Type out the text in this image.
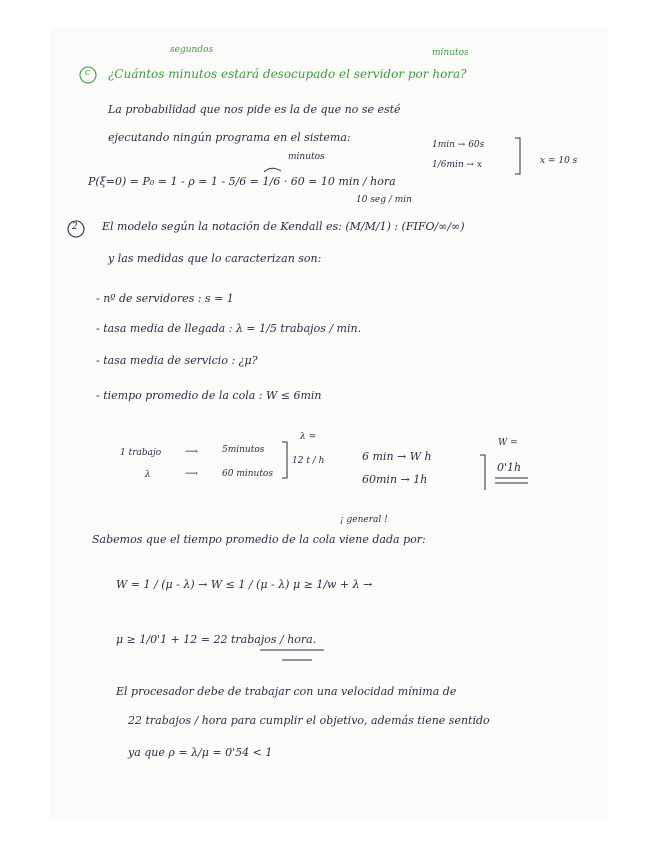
segundos	minutos
c ¿Cuántos minutos estará desocupado el servidor por hora?
La probabilidad que nos pide es la de que no se esté
ejecutando ningún programa en el sistema:
minutos
P(ξ=0) = P₀ = 1 - ρ = 1 - 5/6 = 1/6 · 60 = 10 min / hora
1min → 60s
1/6min → x	x = 10 s
10 seg / min
2 El modelo según la notación de Kendall es: (M/M/1) : (FIFO/∞/∞)
y las medidas que lo caracterizan son:
- nº de servidores : s = 1
- tasa media de llegada : λ = 1/5 trabajos / min.
- tasa media de servicio : ¿μ?
- tiempo promedio de la cola : W ≤ 6min
1 trabajo	⟶	5minutos
λ	⟶	60 minutos
λ =
12 t / h	6 min → W h
60min → 1h
W =
0'1h
¡ general !
Sabemos que el tiempo promedio de la cola viene dada por:
W = 1 / (μ - λ) → W ≤ 1 / (μ - λ) μ ≥ 1/w + λ →
μ ≥ 1/0'1 + 12 = 22 trabajos / hora.
El procesador debe de trabajar con una velocidad mínima de
22 trabajos / hora para cumplir el objetivo, además tiene sentido
ya que ρ = λ/μ = 0'54 < 1
